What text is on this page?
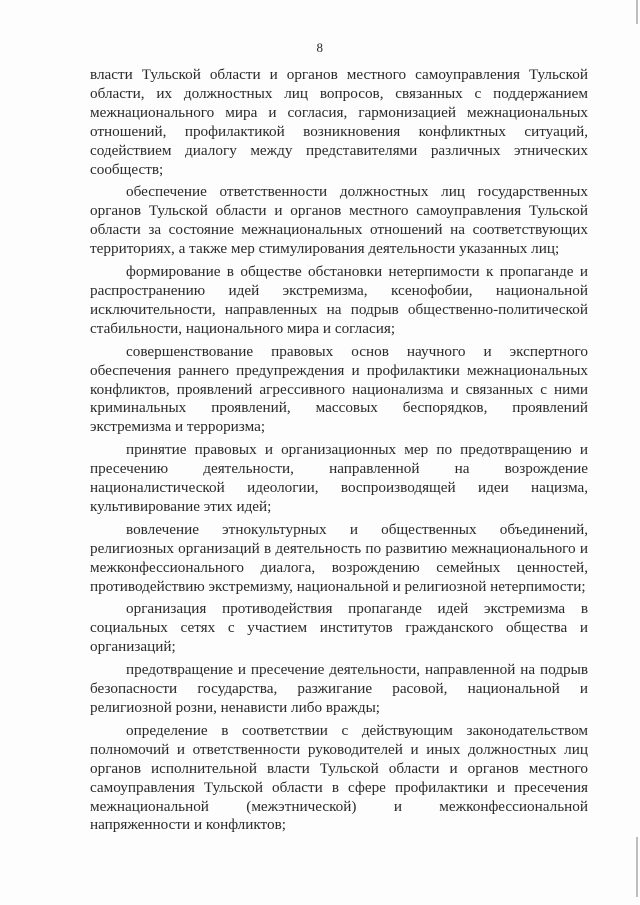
8

власти Тульской области и органов местного самоуправления Тульской области, их должностных лиц вопросов, связанных с поддержанием межнационального мира и согласия, гармонизацией межнациональных отношений, профилактикой возникновения конфликтных ситуаций, содействием диалогу между представителями различных этнических сообществ;

обеспечение ответственности должностных лиц государственных органов Тульской области и органов местного самоуправления Тульской области за состояние межнациональных отношений на соответствующих территориях, а также мер стимулирования деятельности указанных лиц;

формирование в обществе обстановки нетерпимости к пропаганде и распространению идей экстремизма, ксенофобии, национальной исключительности, направленных на подрыв общественно-политической стабильности, национального мира и согласия;

совершенствование правовых основ научного и экспертного обеспечения раннего предупреждения и профилактики межнациональных конфликтов, проявлений агрессивного национализма и связанных с ними криминальных проявлений, массовых беспорядков, проявлений экстремизма и терроризма;

принятие правовых и организационных мер по предотвращению и пресечению деятельности, направленной на возрождение националистической идеологии, воспроизводящей идеи нацизма, культивирование этих идей;

вовлечение этнокультурных и общественных объединений, религиозных организаций в деятельность по развитию межнационального и межконфессионального диалога, возрождению семейных ценностей, противодействию экстремизму, национальной и религиозной нетерпимости;

организация противодействия пропаганде идей экстремизма в социальных сетях с участием институтов гражданского общества и организаций;

предотвращение и пресечение деятельности, направленной на подрыв безопасности государства, разжигание расовой, национальной и религиозной розни, ненависти либо вражды;

определение в соответствии с действующим законодательством полномочий и ответственности руководителей и иных должностных лиц органов исполнительной власти Тульской области и органов местного самоуправления Тульской области в сфере профилактики и пресечения межнациональной (межэтнической) и межконфессиональной напряженности и конфликтов;
